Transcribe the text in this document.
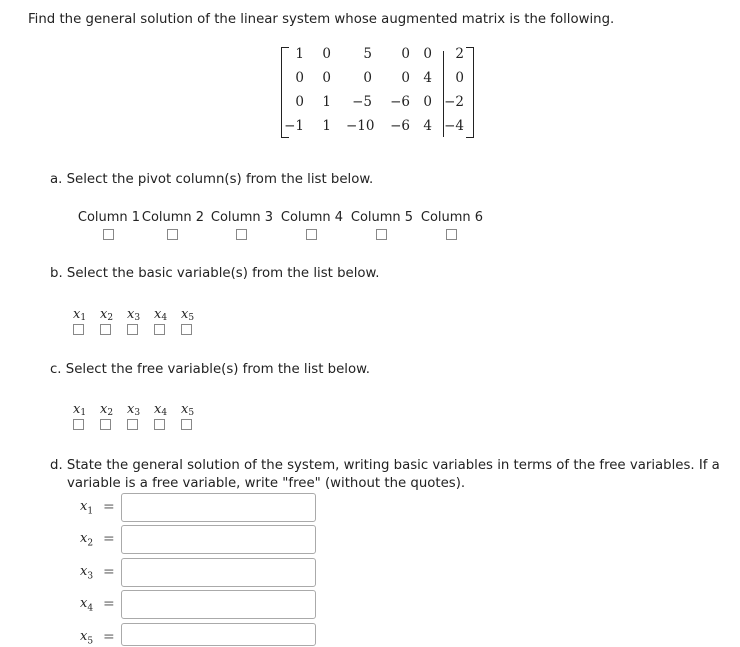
Find the general solution of the linear system whose augmented matrix is the following.
a. Select the pivot column(s) from the list below.
Column 1 Column 2 Column 3 Column 4 Column 5 Column 6
b. Select the basic variable(s) from the list below.
$x_1$ $x_2$ $x_3$ $x_4$ $x_5$
c. Select the free variable(s) from the list below.
$x_1$ $x_2$ $x_3$ $x_4$ $x_5$
d. State the general solution of the system, writing basic variables in terms of the free variables. If a
variable is a free variable, write "free" (without the quotes).
$x_1$ =
$x_2$ =
$x_3$ =
$x_4$ =
$x_5$ =
1	0	5	0 0	2
0	0	0	0 4	0
0	1	−5	−6 0 −2
−1	1 −10	−6 4 −4
